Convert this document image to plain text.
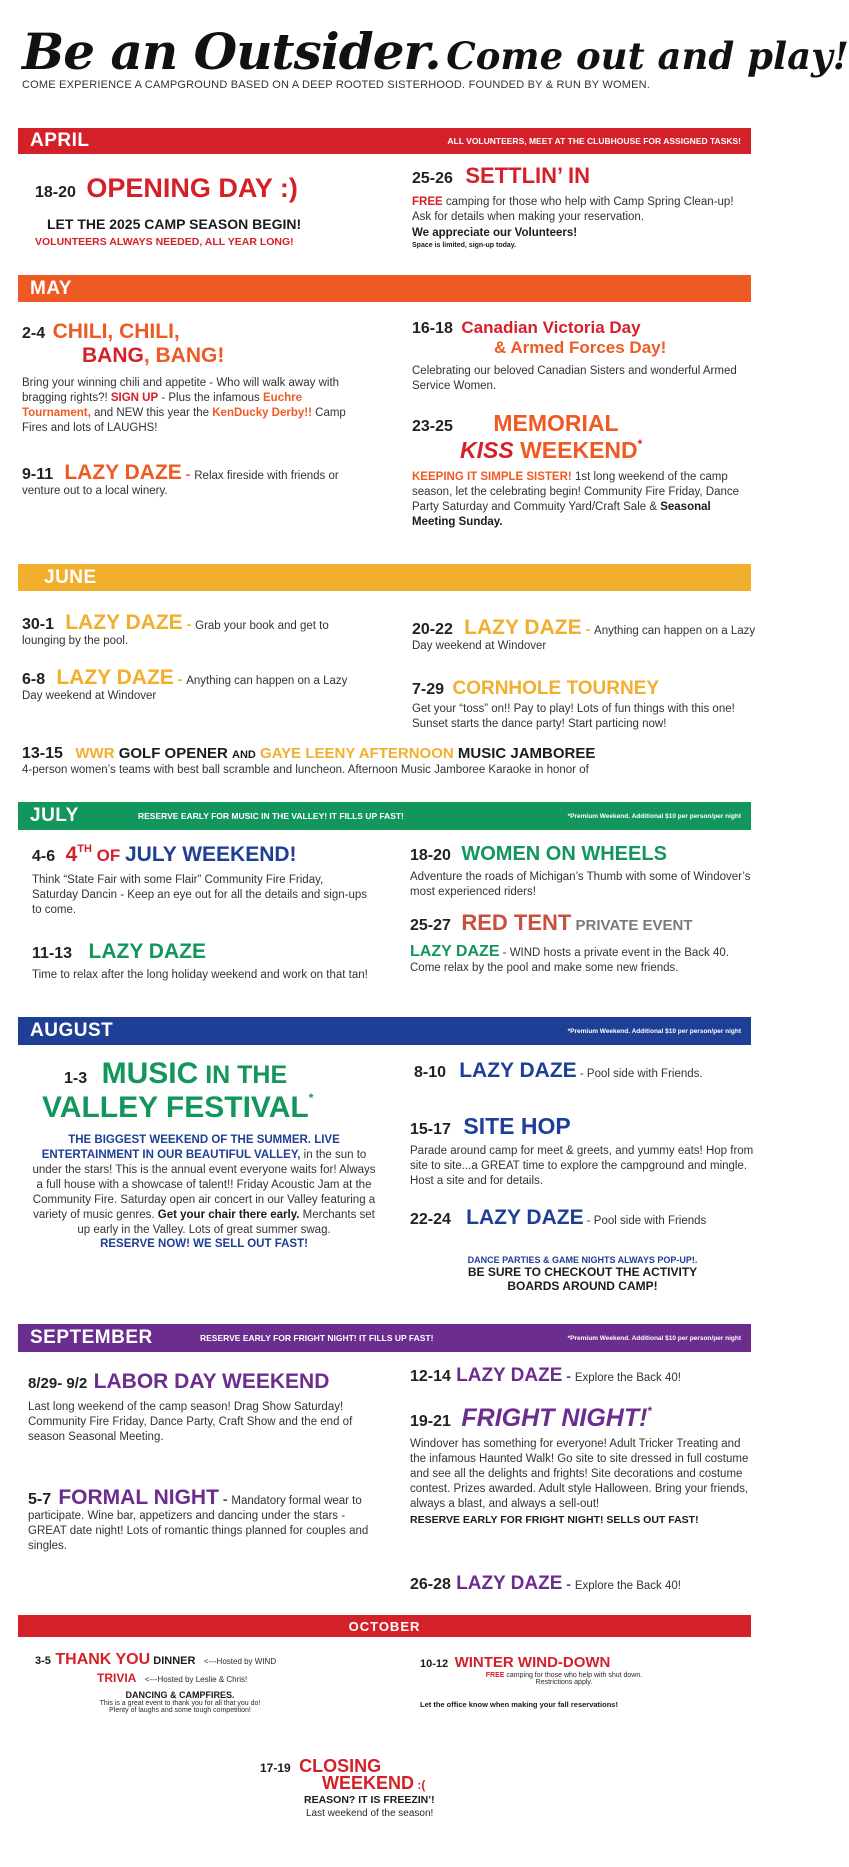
Be an Outsider. Come out and play!
COME EXPERIENCE A CAMPGROUND BASED ON A DEEP ROOTED SISTERHOOD. FOUNDED BY & RUN BY WOMEN.
APRIL	ALL VOLUNTEERS, MEET AT THE CLUBHOUSE FOR ASSIGNED TASKS!
18-20 OPENING DAY :)
LET THE 2025 CAMP SEASON BEGIN!
VOLUNTEERS ALWAYS NEEDED, ALL YEAR LONG!
25-26 SETTLIN’ IN
FREE camping for those who help with Camp Spring Clean-up! Ask for details when making your reservation.
We appreciate our Volunteers!
Space is limited, sign-up today.
MAY
2-4 CHILI, CHILI,
BANG, BANG!
Bring your winning chili and appetite - Who will walk away with bragging rights?! SIGN UP - Plus the infamous Euchre Tournament, and NEW this year the KenDucky Derby!! Camp Fires and lots of LAUGHS!
9-11 LAZY DAZE - Relax fireside with friends or venture out to a local winery.
16-18 Canadian Victoria Day
& Armed Forces Day!
Celebrating our beloved Canadian Sisters and wonderful Armed Service Women.
23-25 MEMORIAL
KISS WEEKEND*
KEEPING IT SIMPLE SISTER! 1st long weekend of the camp season, let the celebrating begin! Community Fire Friday, Dance Party Saturday and Commuity Yard/Craft Sale & Seasonal Meeting Sunday.
JUNE
30-1 LAZY DAZE - Grab your book and get to lounging by the pool.
6-8 LAZY DAZE - Anything can happen on a Lazy Day weekend at Windover
20-22 LAZY DAZE - Anything can happen on a Lazy Day weekend at Windover
7-29 CORNHOLE TOURNEY
Get your “toss” on!! Pay to play! Lots of fun things with this one! Sunset starts the dance party! Start particing now!
13-15 WWR GOLF OPENER AND GAYE LEENY AFTERNOON MUSIC JAMBOREE
4-person women’s teams with best ball scramble and luncheon. Afternoon Music Jamboree Karaoke in honor of
JULY	RESERVE EARLY FOR MUSIC IN THE VALLEY! IT FILLS UP FAST!	*Premium Weekend. Additional $10 per person/per night
4-6 4TH OF JULY WEEKEND!
Think “State Fair with some Flair” Community Fire Friday, Saturday Dancin - Keep an eye out for all the details and sign-ups to come.
11-13 LAZY DAZE
Time to relax after the long holiday weekend and work on that tan!
18-20 WOMEN ON WHEELS
Adventure the roads of Michigan’s Thumb with some of Windover’s most experienced riders!
25-27 RED TENT PRIVATE EVENT
LAZY DAZE - WIND hosts a private event in the Back 40. Come relax by the pool and make some new friends.
AUGUST	*Premium Weekend. Additional $10 per person/per night
1-3 MUSIC IN THE
VALLEY FESTIVAL*
THE BIGGEST WEEKEND OF THE SUMMER. LIVE ENTERTAINMENT IN OUR BEAUTIFUL VALLEY, in the sun to under the stars! This is the annual event everyone waits for! Always a full house with a showcase of talent!! Friday Acoustic Jam at the Community Fire. Saturday open air concert in our Valley featuring a variety of music genres. Get your chair there early. Merchants set up early in the Valley. Lots of great summer swag.
RESERVE NOW! WE SELL OUT FAST!
8-10 LAZY DAZE - Pool side with Friends.
15-17 SITE HOP
Parade around camp for meet & greets, and yummy eats! Hop from site to site...a GREAT time to explore the campground and mingle. Host a site and for details.
22-24 LAZY DAZE - Pool side with Friends
DANCE PARTIES & GAME NIGHTS ALWAYS POP-UP!.
BE SURE TO CHECKOUT THE ACTIVITY
BOARDS AROUND CAMP!
SEPTEMBER	RESERVE EARLY FOR FRIGHT NIGHT! IT FILLS UP FAST!	*Premium Weekend. Additional $10 per person/per night
8/29- 9/2 LABOR DAY WEEKEND
Last long weekend of the camp season! Drag Show Saturday! Community Fire Friday, Dance Party, Craft Show and the end of season Seasonal Meeting.
5-7 FORMAL NIGHT - Mandatory formal wear to participate. Wine bar, appetizers and dancing under the stars - GREAT date night! Lots of romantic things planned for couples and singles.
12-14 LAZY DAZE - Explore the Back 40!
19-21 FRIGHT NIGHT!*
Windover has something for everyone! Adult Tricker Treating and the infamous Haunted Walk! Go site to site dressed in full costume and see all the delights and frights! Site decorations and costume contest. Prizes awarded. Adult style Halloween. Bring your friends, always a blast, and always a sell-out!
RESERVE EARLY FOR FRIGHT NIGHT! SELLS OUT FAST!
26-28 LAZY DAZE - Explore the Back 40!
OCTOBER
3-5 THANK YOU DINNER <---Hosted by WIND
TRIVIA <---Hosted by Leslie & Chris!
DANCING & CAMPFIRES.
This is a great event to thank you for all that you do!
Plenty of laughs and some tough competition!
10-12 WINTER WIND-DOWN
FREE camping for those who help with shut down.
Restrictions apply.
Let the office know when making your fall reservations!
17-19 CLOSING
WEEKEND :(
REASON? IT IS FREEZIN’!
Last weekend of the season!
